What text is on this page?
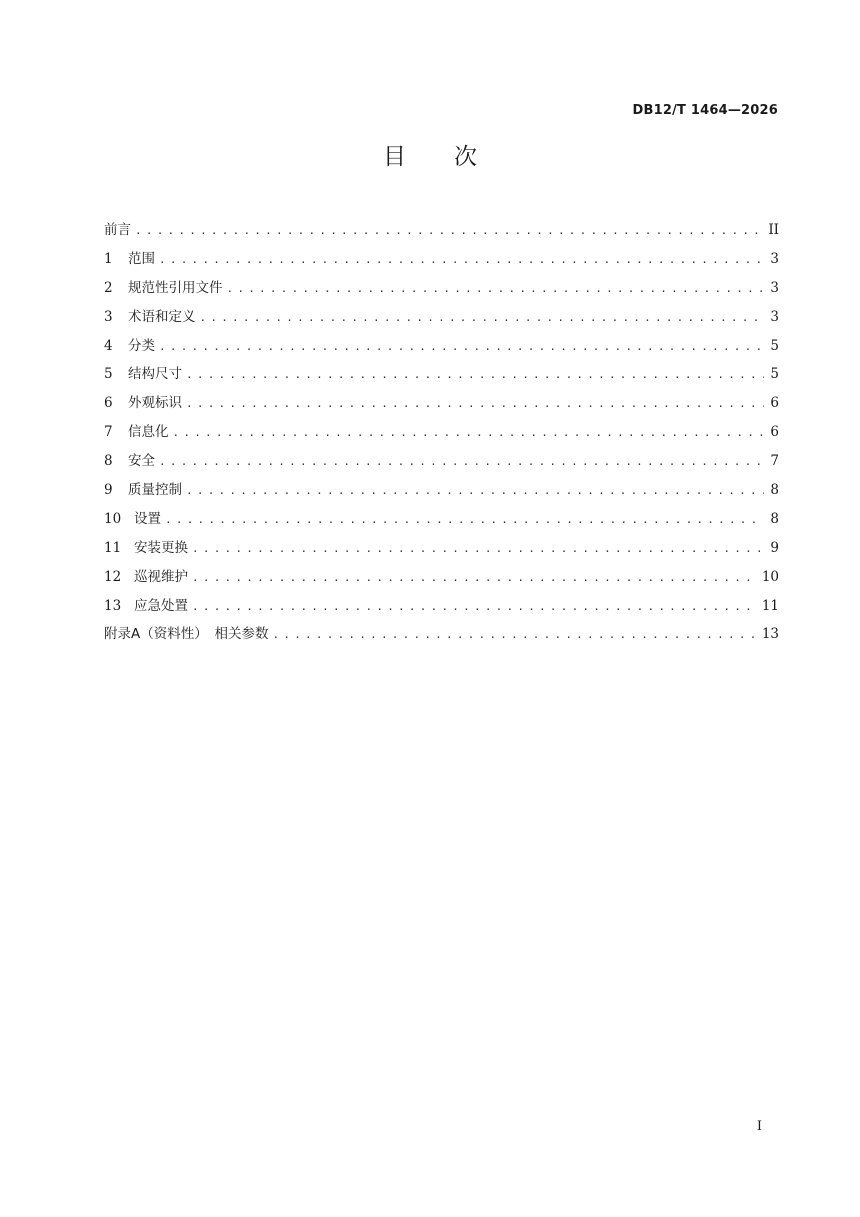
DB12/T 1464—2026
目 次
前言 . . .	II
1	范围 . . .	3
2	规范性引用文件 . . .	3
3	术语和定义 . . .	3
4	分类 . . .	5
5	结构尺寸 . . .	5
6	外观标识 . . .	6
7	信息化 . . .	6
8	安全 . . .	7
9	质量控制 . . .	8
10 设置 . . .	8
11 安装更换 . . .	9
12 巡视维护 . . .	10
13 应急处置 . . .	11
附录A（资料性）　相关参数 . . .	13
I
